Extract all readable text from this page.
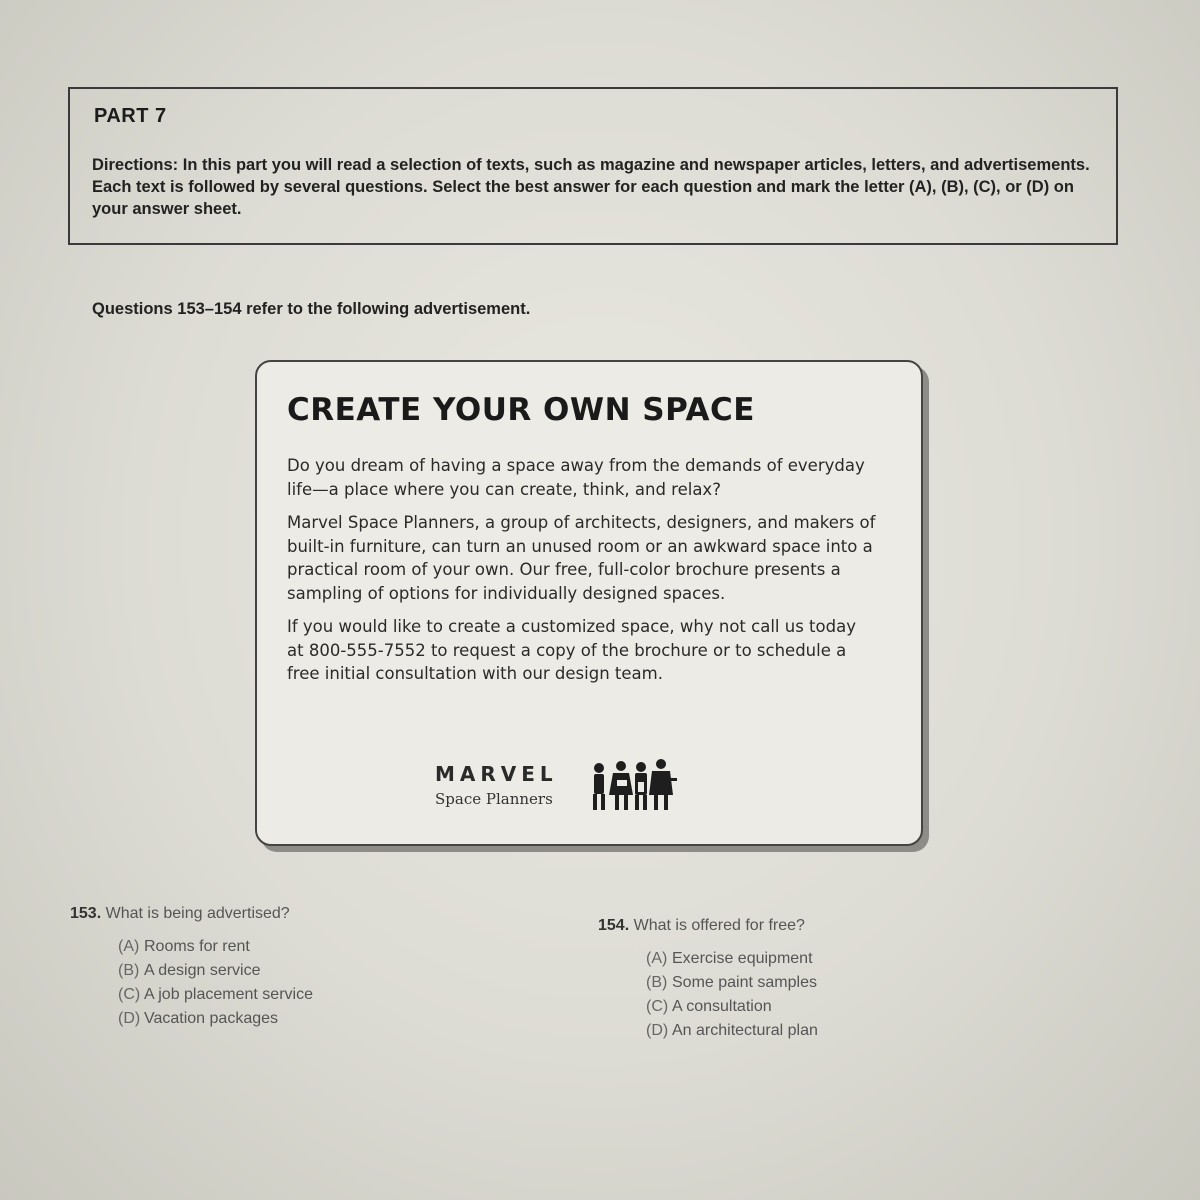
PART 7

Directions: In this part you will read a selection of texts, such as magazine and newspaper articles, letters, and advertisements. Each text is followed by several questions. Select the best answer for each question and mark the letter (A), (B), (C), or (D) on your answer sheet.

Questions 153–154 refer to the following advertisement.
CREATE YOUR OWN SPACE

Do you dream of having a space away from the demands of everyday life—a place where you can create, think, and relax?

Marvel Space Planners, a group of architects, designers, and makers of built-in furniture, can turn an unused room or an awkward space into a practical room of your own. Our free, full-color brochure presents a sampling of options for individually designed spaces.

If you would like to create a customized space, why not call us today at 800-555-7552 to request a copy of the brochure or to schedule a free initial consultation with our design team.

MARVEL
Space Planners

153. What is being advertised?

(A) Rooms for rent

(B) A design service

(C) A job placement service

(D) Vacation packages

154. What is offered for free?

(A) Exercise equipment

(B) Some paint samples

(C) A consultation

(D) An architectural plan
